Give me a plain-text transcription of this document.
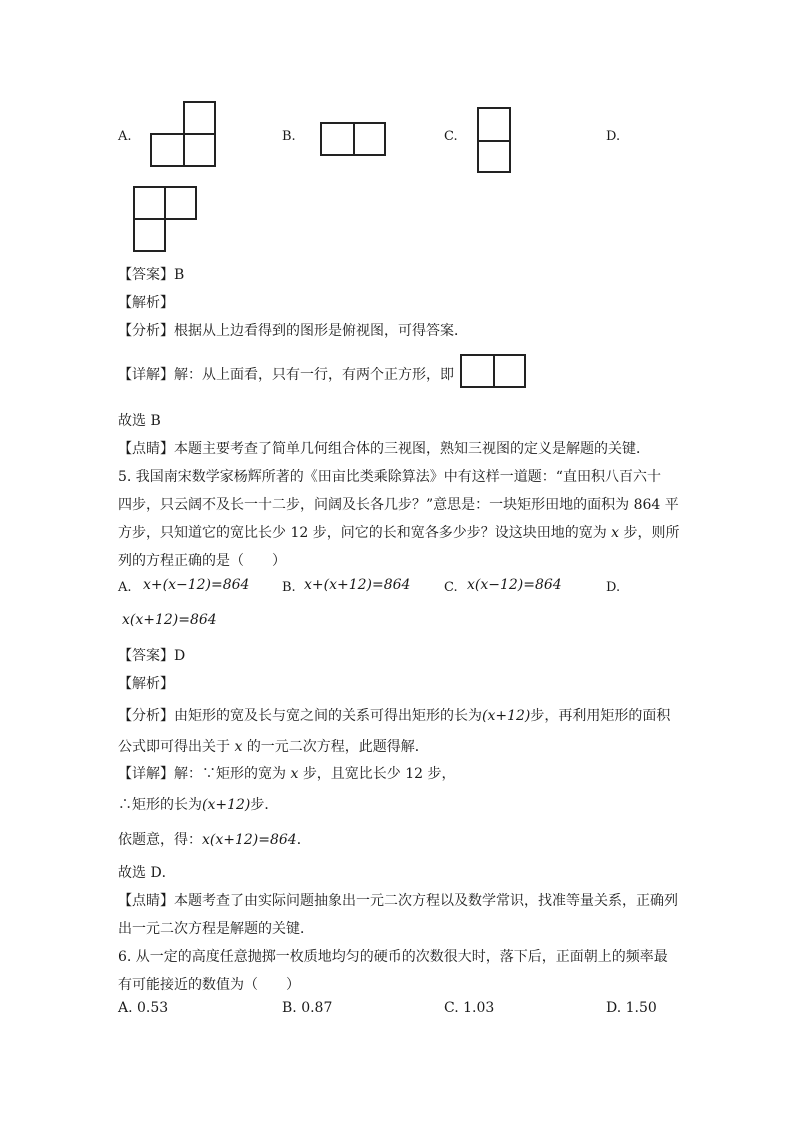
A.	B.	C.	D.
【答案】B
【解析】
【分析】根据从上边看得到的图形是俯视图，可得答案．
【详解】解：从上面看，只有一行，有两个正方形，即
故选 B
【点睛】本题主要考查了简单几何组合体的三视图，熟知三视图的定义是解题的关键．
5. 我国南宋数学家杨辉所著的《田亩比类乘除算法》中有这样一道题：“直田积八百六十
四步，只云阔不及长一十二步，问阔及长各几步？”意思是：一块矩形田地的面积为 864 平
方步，只知道它的宽比长少 12 步，问它的长和宽各多少步？设这块田地的宽为 x 步，则所
列的方程正确的是（　　）
A. x+(x−12)=864	B. x+(x+12)=864	C. x(x−12)=864	D.
x(x+12)=864
【答案】D
【解析】
【分析】由矩形的宽及长与宽之间的关系可得出矩形的长为(x+12)步，再利用矩形的面积
公式即可得出关于 x 的一元二次方程，此题得解．
【详解】解：∵矩形的宽为 x 步，且宽比长少 12 步，
∴矩形的长为(x+12)步．
依题意，得：x(x+12)=864．
故选 D．
【点睛】本题考查了由实际问题抽象出一元二次方程以及数学常识，找准等量关系，正确列
出一元二次方程是解题的关键．
6. 从一定的高度任意抛掷一枚质地均匀的硬币的次数很大时，落下后，正面朝上的频率最
有可能接近的数值为（　　）
A. 0.53	B. 0.87	C. 1.03	D. 1.50
